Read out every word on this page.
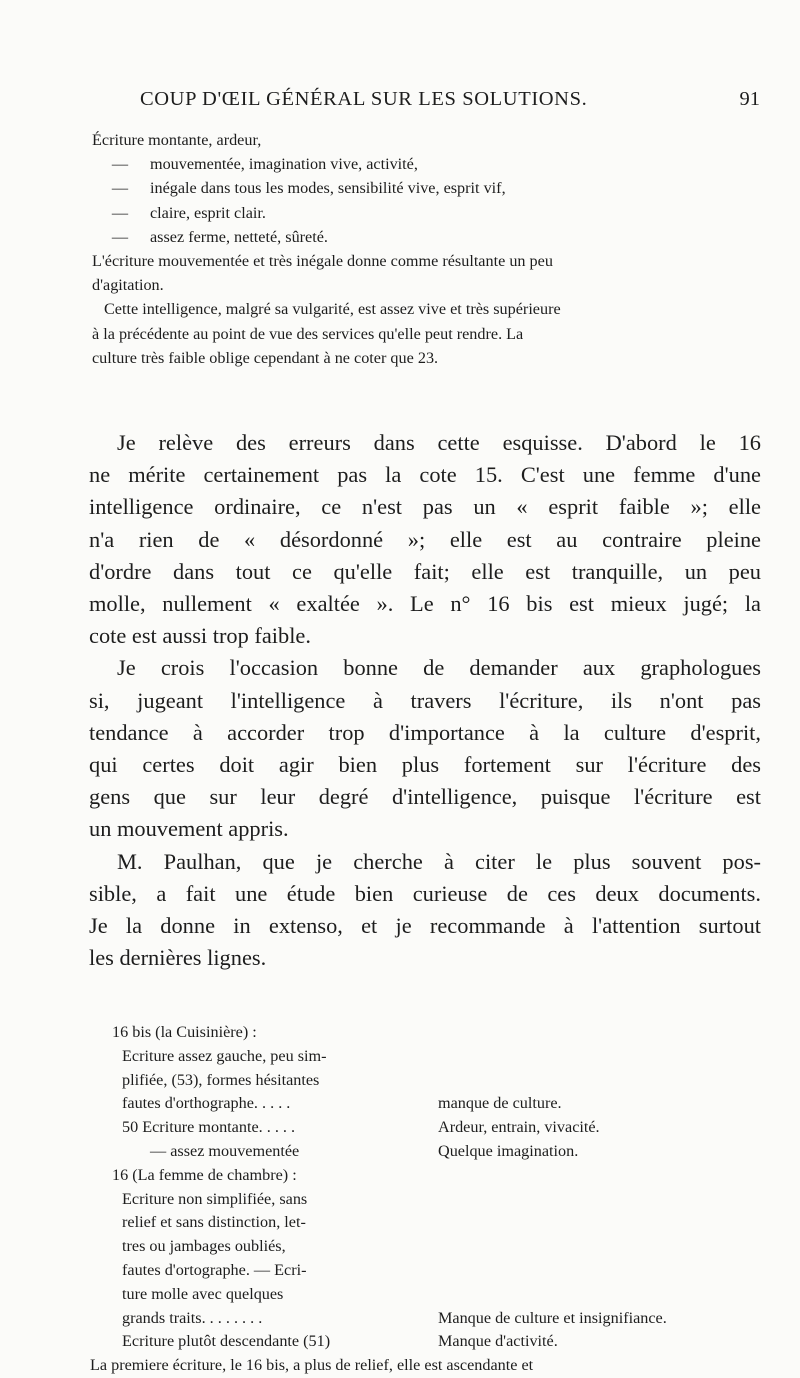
COUP D'ŒIL GÉNÉRAL SUR LES SOLUTIONS.	91
Écriture montante, ardeur,
— mouvementée, imagination vive, activité,
— inégale dans tous les modes, sensibilité vive, esprit vif,
— claire, esprit clair.
— assez ferme, netteté, sûreté.
L'écriture mouvementée et très inégale donne comme résultante un peu
d'agitation.
Cette intelligence, malgré sa vulgarité, est assez vive et très supérieure
à la précédente au point de vue des services qu'elle peut rendre. La
culture très faible oblige cependant à ne coter que 23.

Je relève des erreurs dans cette esquisse. D'abord le 16
ne mérite certainement pas la cote 15. C'est une femme d'une
intelligence ordinaire, ce n'est pas un « esprit faible »; elle
n'a rien de « désordonné »; elle est au contraire pleine
d'ordre dans tout ce qu'elle fait; elle est tranquille, un peu
molle, nullement « exaltée ». Le n° 16 bis est mieux jugé; la
cote est aussi trop faible.

Je crois l'occasion bonne de demander aux graphologues
si, jugeant l'intelligence à travers l'écriture, ils n'ont pas
tendance à accorder trop d'importance à la culture d'esprit,
qui certes doit agir bien plus fortement sur l'écriture des
gens que sur leur degré d'intelligence, puisque l'écriture est
un mouvement appris.

M. Paulhan, que je cherche à citer le plus souvent pos-
sible, a fait une étude bien curieuse de ces deux documents.
Je la donne in extenso, et je recommande à l'attention surtout
les dernières lignes.

16 bis (la Cuisinière) :
Ecriture assez gauche, peu sim-
plifiée, (53), formes hésitantes
fautes d'orthographe. . . . .	manque de culture.
50 Ecriture montante. . . . .	Ardeur, entrain, vivacité.
— assez mouvementée	Quelque imagination.
16 (La femme de chambre) :
Ecriture non simplifiée, sans
relief et sans distinction, let-
tres ou jambages oubliés,
fautes d'ortographe. — Ecri-
ture molle avec quelques
grands traits. . . . . . . .	Manque de culture et insignifiance.
Ecriture plutôt descendante (51)	Manque d'activité.
La premiere écriture, le 16 bis, a plus de relief, elle est ascendante et
